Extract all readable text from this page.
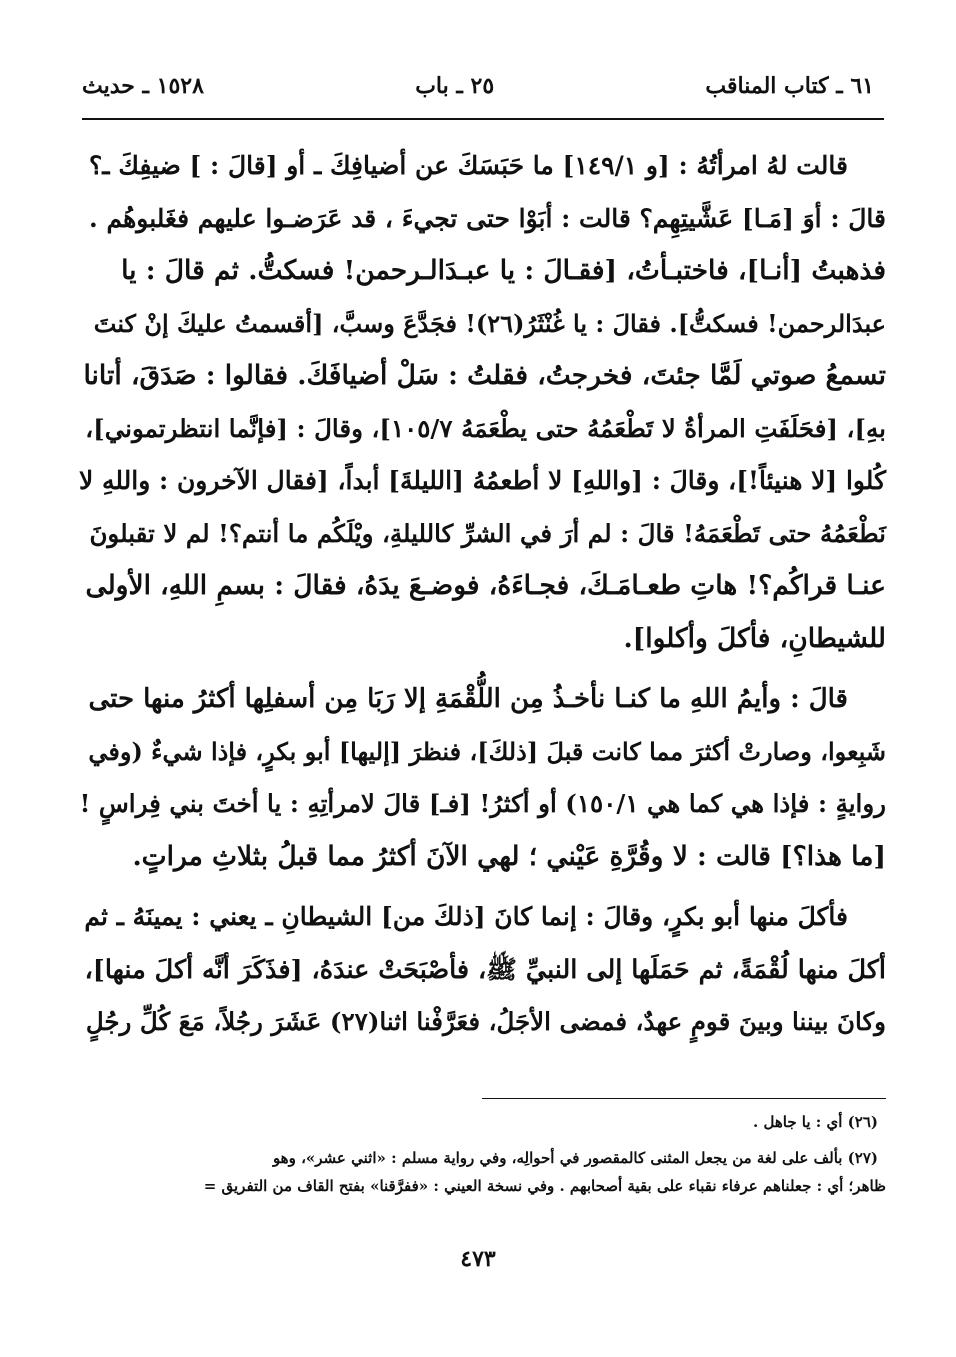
٦١ ـ كتاب المناقب
٢٥ ـ باب
١٥٢٨ ـ حديث

قالت لهُ امرأتُهُ : [و ١٤٩/١] ما حَبَسَكَ عن أضيافِكَ ـ أو [قالَ : ] ضيفِكَ ـ؟
قالَ : أوَ [مَـا] عَشَّيتِهِم؟ قالت : أبَوْا حتى تجيءَ ، قد عَرَضـوا عليهم فغَلبوهُم .
فذهبتُ [أنـا]، فاختبـأتُ، [فقـالَ : يا عبـدَالـرحمن! فسكتُّ. ثم قالَ : يا
عبدَالرحمن! فسكتُّ]. فقالَ : يا غُنْثَرُ(٢٦)! فجَدَّعَ وسبَّ، [أقسمتُ عليكَ إنْ كنتَ
تسمعُ صوتي لَمَّا جئتَ، فخرجتُ، فقلتُ : سَلْ أضيافَكَ. فقالوا : صَدَقَ، أتانا
بهِ]، [فحَلَفَتِ المرأةُ لا تَطْعَمُهُ حتى يطْعَمَهُ ١٠٥/٧]، وقالَ : [فإنَّما انتظرتموني]،
كُلوا [لا هنيئاً!]، وقالَ : [واللهِ] لا أطعمُهُ [الليلةَ] أبداً، [فقال الآخرون : واللهِ لا
نَطْعَمُهُ حتى تَطْعَمَهُ! قالَ : لم أرَ في الشرِّ كالليلةِ، ويْلَكُم ما أنتم؟! لم لا تقبلونَ
عنـا قراكُم؟! هاتِ طعـامَـكَ، فجـاءَهُ، فوضـعَ يدَهُ، فقالَ : بسمِ اللهِ، الأولى
للشيطانِ، فأكلَ وأكلوا].

قالَ : وأيمُ اللهِ ما كنـا نأخـذُ مِن اللُّقْمَةِ إلا رَبَا مِن أسفلِها أكثرُ منها حتى
شَبِعوا، وصارتْ أكثرَ مما كانت قبلَ [ذلكَ]، فنظرَ [إليها] أبو بكرٍ، فإذا شيءٌ (وفي
روايةٍ : فإذا هي كما هي ١٥٠/١) أو أكثرُ! [فـ] قالَ لامرأتِهِ : يا أختَ بني فِراسٍ !
[ما هذا؟] قالت : لا وقُرَّةِ عَيْني ؛ لهي الآنَ أكثرُ مما قبلُ بثلاثِ مراتٍ.

فأكلَ منها أبو بكرٍ، وقالَ : إنما كانَ [ذلكَ من] الشيطانِ ـ يعني : يمينَهُ ـ ثم
أكلَ منها لُقْمَةً، ثم حَمَلَها إلى النبيِّ ﷺ، فأصْبَحَتْ عندَهُ، [فذَكَرَ أنَّه أكلَ منها]،
وكانَ بيننا وبينَ قومٍ عهدٌ، فمضى الأجَلُ، فعَرَّفْنا اثنا(٢٧) عَشَرَ رجُلاً، مَعَ كُلِّ رجُلٍ

(٢٦) أي : يا جاهل .
(٢٧) بألف على لغة من يجعل المثنى كالمقصور في أحوالِه، وفي رواية مسلم : «اثني عشر»، وهو
ظاهر؛ أي : جعلناهم عرفاء نقباء على بقية أصحابهم . وفي نسخة العيني : «ففرَّقنا» بفتح القاف من التفريق =
٤٧٣
